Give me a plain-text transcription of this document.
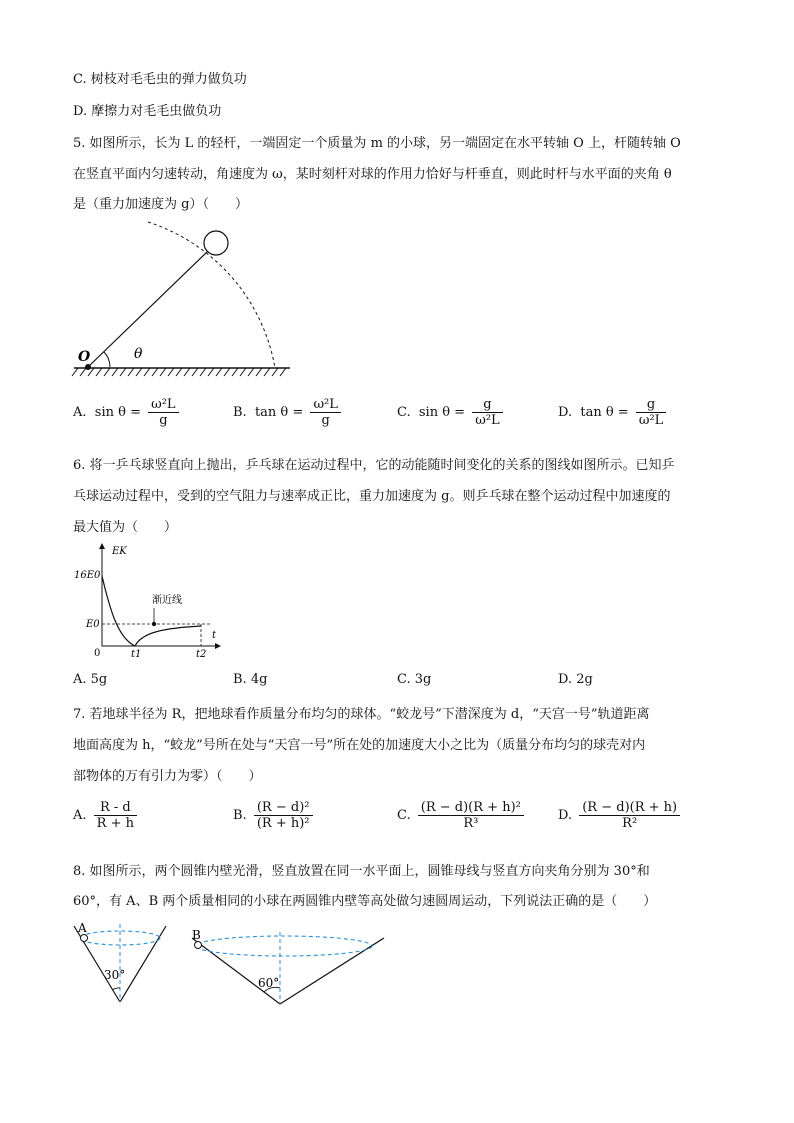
C. 树枝对毛毛虫的弹力做负功
D. 摩擦力对毛毛虫做负功
5. 如图所示，长为 L 的轻杆，一端固定一个质量为 m 的小球，另一端固定在水平转轴 O 上，杆随转轴 O
在竖直平面内匀速转动，角速度为 ω，某时刻杆对球的作用力恰好与杆垂直，则此时杆与水平面的夹角 θ
是（重力加速度为 g）（　　）
O	θ
A. $\sin \theta = \frac{\text{ω²L}}{g}$	B. $\tan \theta = \frac{\text{ω²L}}{g}$	C. $\sin \theta = \frac{g}{\text{ω²L}}$	D. $\tan \theta = \frac{g}{\text{ω²L}}$
6. 将一乒乓球竖直向上抛出，乒乓球在运动过程中，它的动能随时间变化的关系的图线如图所示。已知乒
乓球运动过程中，受到的空气阻力与速率成正比，重力加速度为 g。则乒乓球在整个运动过程中加速度的
最大值为（　　）
渐近线
EK
16E0
E0
0
t
t1	t2
A. 5g	B. 4g	C. 3g	D. 2g
7. 若地球半径为 R，把地球看作质量分布均匀的球体。“蛟龙号”下潜深度为 d，“天宫一号”轨道距离
地面高度为 h，“蛟龙”号所在处与“天宫一号”所在处的加速度大小之比为（质量分布均匀的球壳对内
部物体的万有引力为零）（　　）
A. $\frac{R - d}{R + h}$	B. $\frac{\text{(R − d)²}}{\text{(R + h)²}}$	C. $\frac{\text{(R − d)(R + h)²}}{\text{R³}}$	D. $\frac{(R - d)(R + h)}{\text{R²}}$
8. 如图所示，两个圆锥内壁光滑，竖直放置在同一水平面上，圆锥母线与竖直方向夹角分别为 30°和
60°，有 A、B 两个质量相同的小球在两圆锥内壁等高处做匀速圆周运动，下列说法正确的是（　　）
A
30°
B
60°
